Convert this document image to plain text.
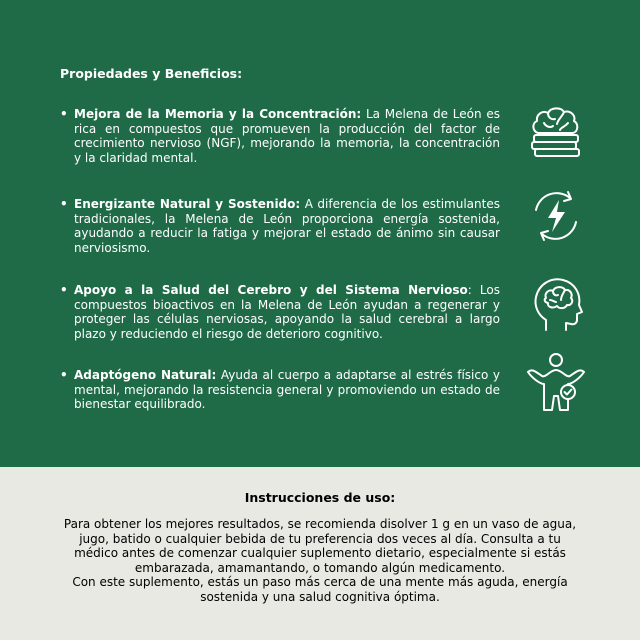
Propiedades y Beneficios:
• Mejora de la Memoria y la Concentración: La Melena de León es rica en compuestos que promueven la producción del factor de crecimiento nervioso (NGF), mejorando la memoria, la concentración y la claridad mental.
• Energizante Natural y Sostenido: A diferencia de los estimulantes tradicionales, la Melena de León proporciona energía sostenida, ayudando a reducir la fatiga y mejorar el estado de ánimo sin causar nerviosismo.
• Apoyo a la Salud del Cerebro y del Sistema Nervioso: Los compuestos bioactivos en la Melena de León ayudan a regenerar y proteger las células nerviosas, apoyando la salud cerebral a largo plazo y reduciendo el riesgo de deterioro cognitivo.
• Adaptógeno Natural: Ayuda al cuerpo a adaptarse al estrés físico y mental, mejorando la resistencia general y promoviendo un estado de bienestar equilibrado.
Instrucciones de uso:
Para obtener los mejores resultados, se recomienda disolver 1 g en un vaso de agua, jugo, batido o cualquier bebida de tu preferencia dos veces al día. Consulta a tu médico antes de comenzar cualquier suplemento dietario, especialmente si estás embarazada, amamantando, o tomando algún medicamento.
Con este suplemento, estás un paso más cerca de una mente más aguda, energía sostenida y una salud cognitiva óptima.
